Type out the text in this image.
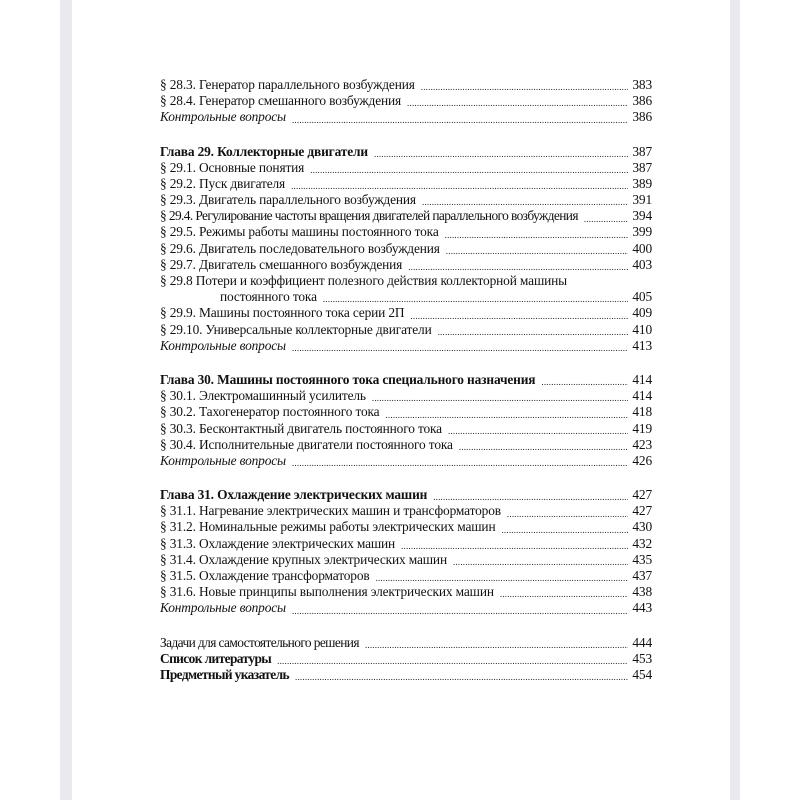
§ 28.3. Генератор параллельного возбуждения .....	383
§ 28.4. Генератор смешанного возбуждения .....	386
Контрольные вопросы .....	386
Глава 29. Коллекторные двигатели .....	387
§ 29.1. Основные понятия .....	387
§ 29.2. Пуск двигателя .....	389
§ 29.3. Двигатель параллельного возбуждения .....	391
§ 29.4. Регулирование частоты вращения двигателей параллельного возбуждения .....	394
§ 29.5. Режимы работы машины постоянного тока .....	399
§ 29.6. Двигатель последовательного возбуждения .....	400
§ 29.7. Двигатель смешанного возбуждения .....	403
§ 29.8 Потери и коэффициент полезного действия коллекторной машины
постоянного тока .....	405
§ 29.9. Машины постоянного тока серии 2П .....	409
§ 29.10. Универсальные коллекторные двигатели .....	410
Контрольные вопросы .....	413
Глава 30. Машины постоянного тока специального назначения .....	414
§ 30.1. Электромашинный усилитель .....	414
§ 30.2. Тахогенератор постоянного тока .....	418
§ 30.3. Бесконтактный двигатель постоянного тока .....	419
§ 30.4. Исполнительные двигатели постоянного тока .....	423
Контрольные вопросы .....	426
Глава 31. Охлаждение электрических машин .....	427
§ 31.1. Нагревание электрических машин и трансформаторов .....	427
§ 31.2. Номинальные режимы работы электрических машин .....	430
§ 31.3. Охлаждение электрических машин .....	432
§ 31.4. Охлаждение крупных электрических машин .....	435
§ 31.5. Охлаждение трансформаторов .....	437
§ 31.6. Новые принципы выполнения электрических машин .....	438
Контрольные вопросы .....	443
Задачи для самостоятельного решения .....	444
Список литературы .....	453
Предметный указатель .....	454
